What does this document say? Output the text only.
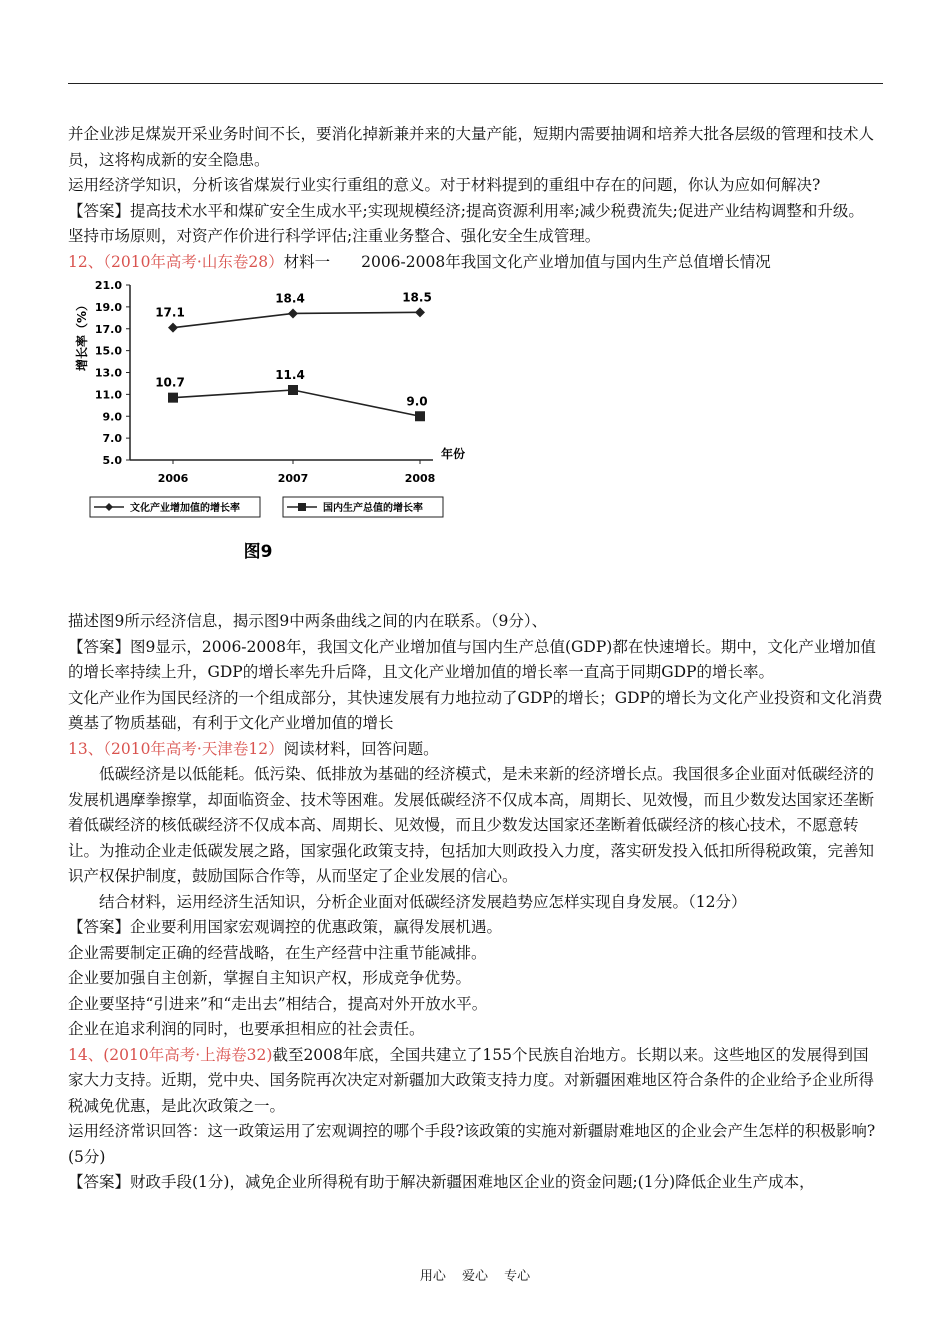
并企业涉足煤炭开采业务时间不长，要消化掉新兼并来的大量产能，短期内需要抽调和培养大批各层级的管理和技术人员，这将构成新的安全隐患。

运用经济学知识，分析该省煤炭行业实行重组的意义。对于材料提到的重组中存在的问题，你认为应如何解决?

【答案】提高技术水平和煤矿安全生成水平;实现规模经济;提高资源利用率;减少税费流失;促进产业结构调整和升级。

坚持市场原则，对资产作价进行科学评估;注重业务整合、强化安全生成管理。

12、（2010年高考·山东卷28）材料一　　2006-2008年我国文化产业增加值与国内生产总值增长情况

5.0
7.0
9.0
11.0
13.0
15.0
17.0
19.0
21.0
2006	2007	2008
年份
增长率（%）	17.1
18.4	18.5
10.7
11.4
9.0
文化产业增加值的增长率	国内生产总值的增长率
图9

描述图9所示经济信息，揭示图9中两条曲线之间的内在联系。（9分）、

【答案】图9显示，2006-2008年，我国文化产业增加值与国内生产总值(GDP)都在快速增长。期中，文化产业增加值的增长率持续上升，GDP的增长率先升后降，且文化产业增加值的增长率一直高于同期GDP的增长率。

文化产业作为国民经济的一个组成部分，其快速发展有力地拉动了GDP的增长；GDP的增长为文化产业投资和文化消费奠基了物质基础，有利于文化产业增加值的增长

13、（2010年高考·天津卷12）阅读材料，回答问题。

低碳经济是以低能耗。低污染、低排放为基础的经济模式，是未来新的经济增长点。我国很多企业面对低碳经济的发展机遇摩拳擦掌，却面临资金、技术等困难。发展低碳经济不仅成本高，周期长、见效慢，而且少数发达国家还垄断着低碳经济的核低碳经济不仅成本高、周期长、见效慢，而且少数发达国家还垄断着低碳经济的核心技术，不愿意转让。为推动企业走低碳发展之路，国家强化政策支持，包括加大则政投入力度，落实研发投入低扣所得税政策，完善知识产权保护制度，鼓励国际合作等，从而坚定了企业发展的信心。

结合材料，运用经济生活知识，分析企业面对低碳经济发展趋势应怎样实现自身发展。（12分）

【答案】企业要利用国家宏观调控的优惠政策，赢得发展机遇。

企业需要制定正确的经营战略，在生产经营中注重节能减排。

企业要加强自主创新，掌握自主知识产权，形成竞争优势。

企业要坚持“引进来”和“走出去”相结合，提高对外开放水平。

企业在追求利润的同时，也要承担相应的社会责任。

14、(2010年高考·上海卷32)截至2008年底，全国共建立了155个民族自治地方。长期以来。这些地区的发展得到国家大力支持。近期，党中央、国务院再次决定对新疆加大政策支持力度。对新疆困难地区符合条件的企业给予企业所得税减免优惠，是此次政策之一。

运用经济常识回答：这一政策运用了宏观调控的哪个手段?该政策的实施对新疆尉难地区的企业会产生怎样的积极影响?(5分)

【答案】财政手段(1分)，减免企业所得税有助于解决新疆困难地区企业的资金问题;(1分)降低企业生产成本，

用心 爱心 专心
